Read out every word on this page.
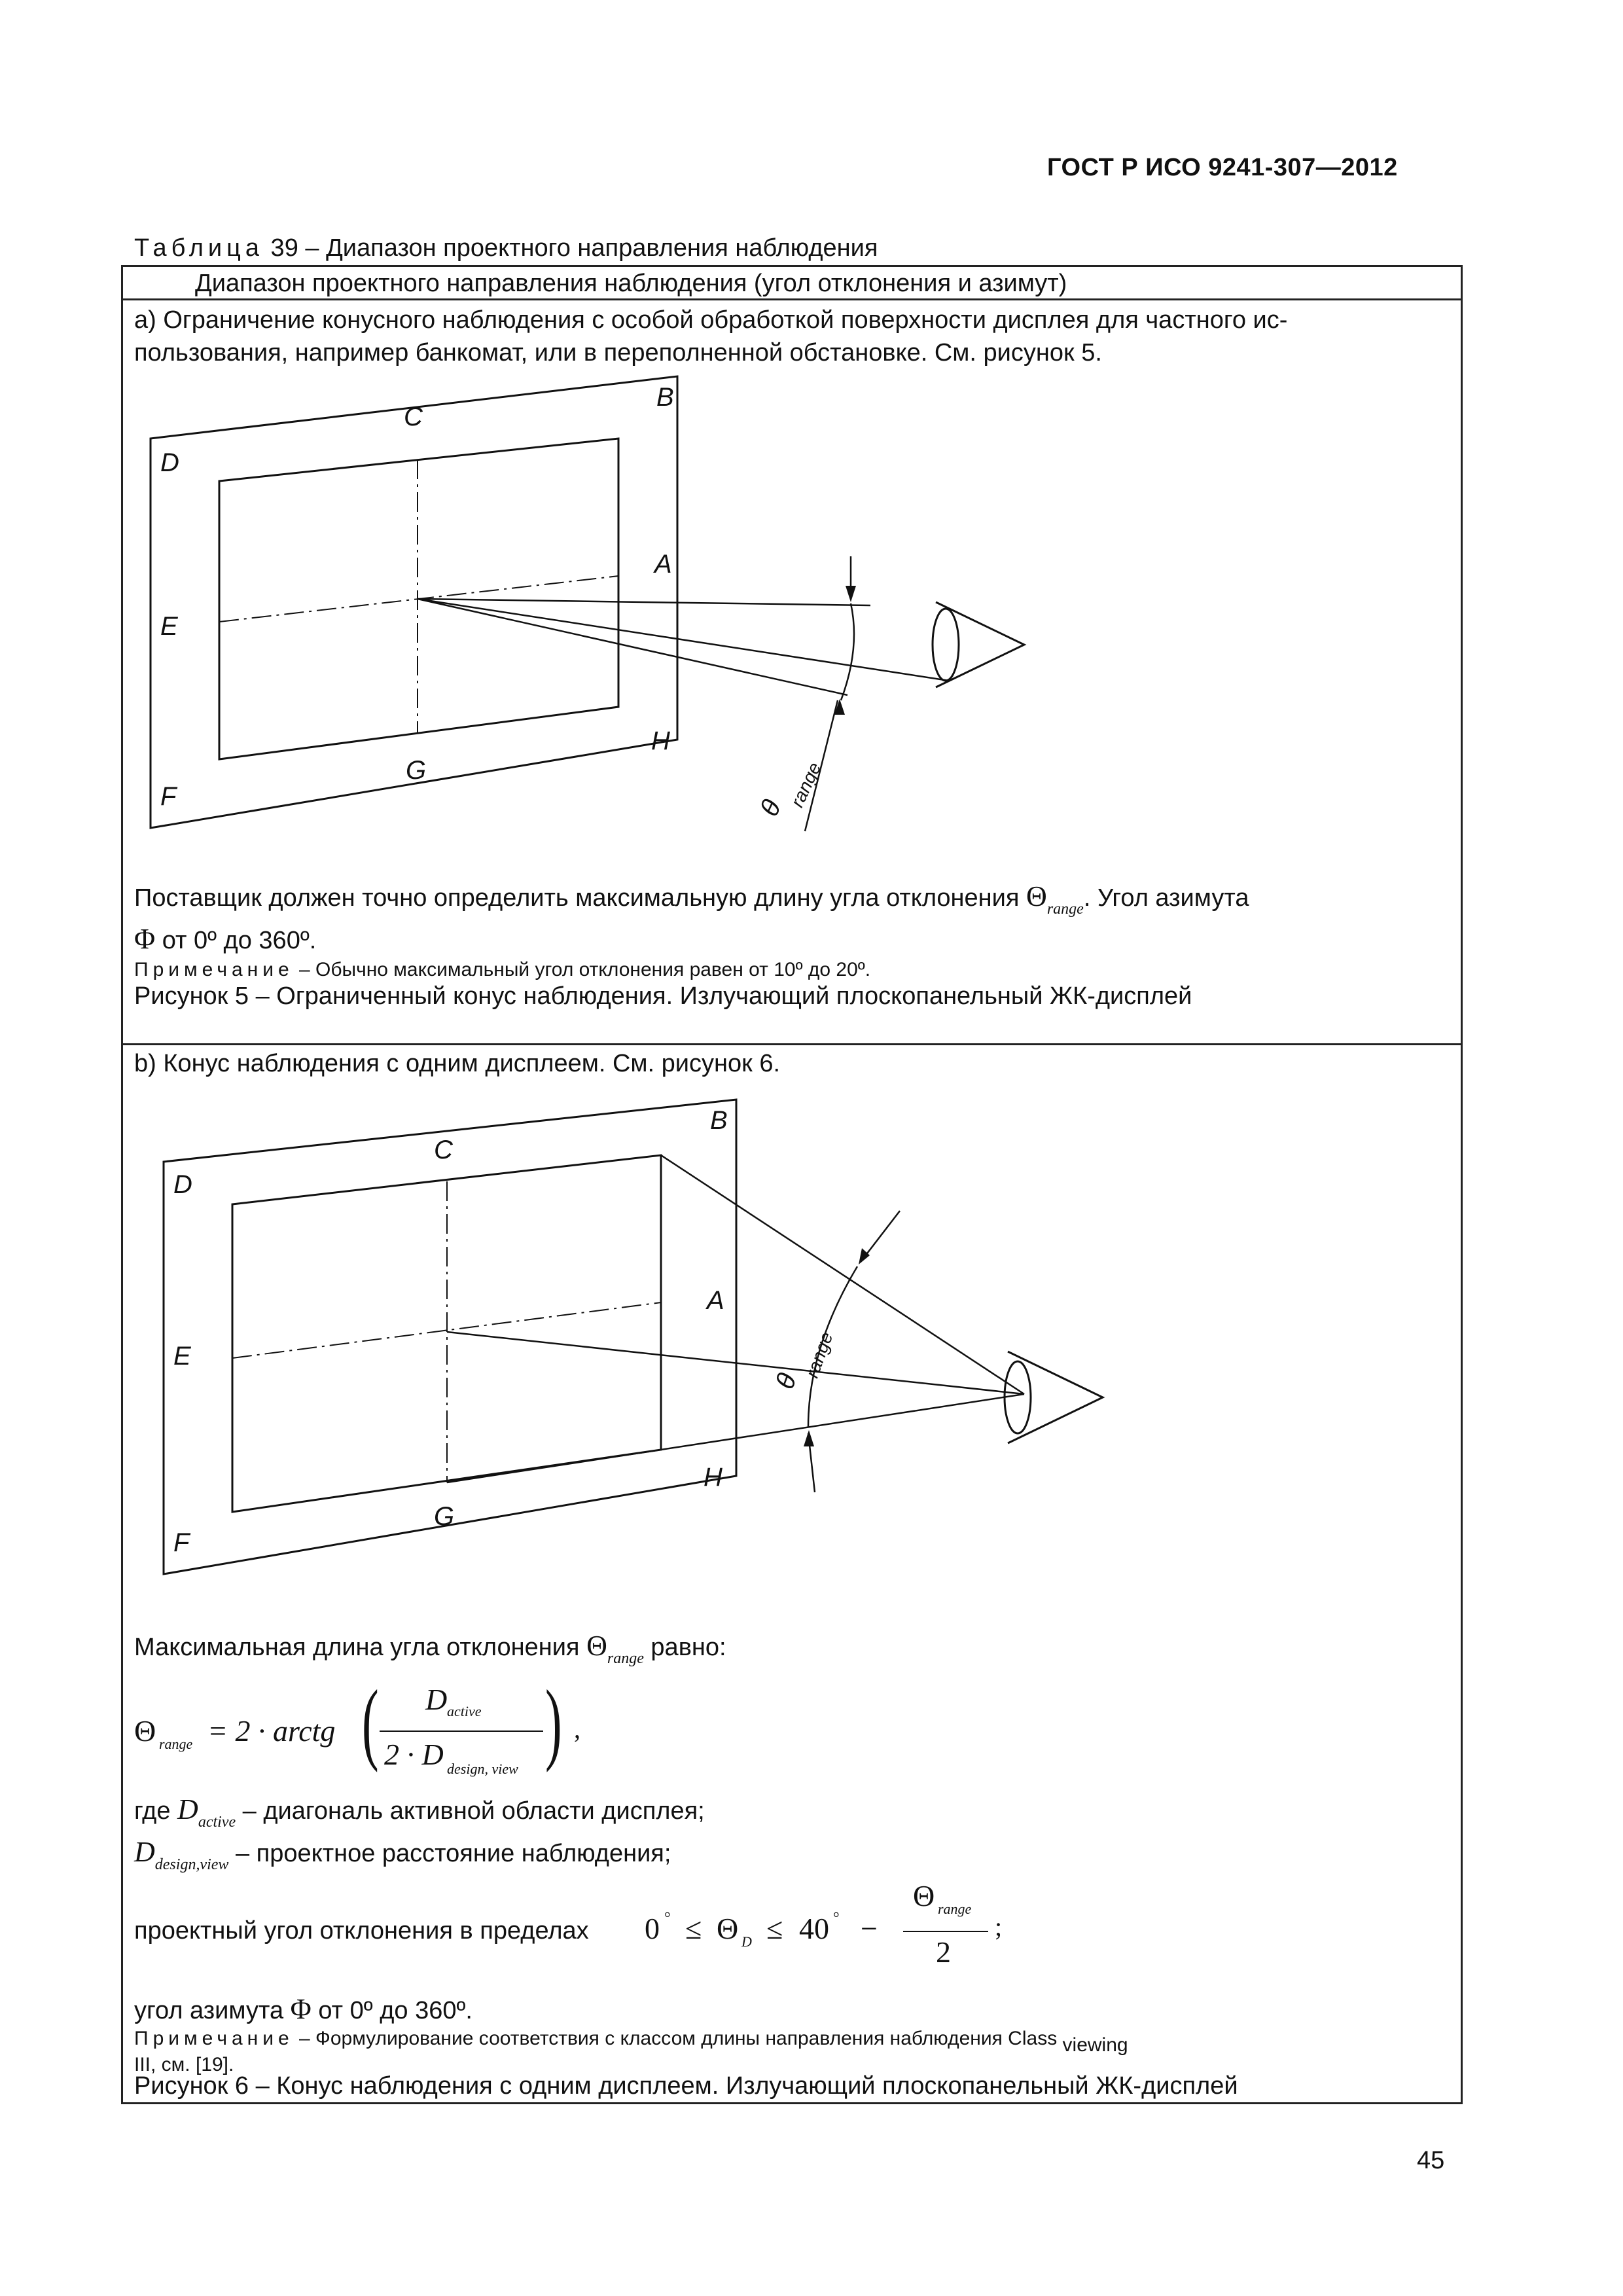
ГОСТ Р ИСО 9241-307—2012
Таблица 39 – Диапазон проектного направления наблюдения
Диапазон проектного направления наблюдения (угол отклонения и азимут)
а) Ограничение конусного наблюдения с особой обработкой поверхности дисплея для частного ис-
пользования, например банкомат, или в переполненной обстановке. См. рисунок 5.
B
C
D
A
E
H
G
F	θ range
Поставщик должен точно определить максимальную длину угла отклонения $\Theta_{range}$. Угол азимута
Φ от 0º до 360º.
Примечание – Обычно максимальный угол отклонения равен от 10º до 20º.
Рисунок 5 – Ограниченный конус наблюдения. Излучающий плоскопанельный ЖК-дисплей
b) Конус наблюдения с одним дисплеем. См. рисунок 6.
B
C
D
A
E
H
G
F
θ
range
Максимальная длина угла отклонения $\Theta_{range}$ равно:
Θ range = 2 · arctg ( D active
2 · D design, view ) ,
где $D_{active}$ – диагональ активной области дисплея;
$D_{design,view}$ – проектное расстояние наблюдения;
проектный угол отклонения в пределах 0 ° ≤ Θ D ≤ 40 ° −
Θ range
2
;
угол азимута Φ от 0º до 360º.
Примечание – Формулирование соответствия с классом длины направления наблюдения Class viewing
III, см. [19].
Рисунок 6 – Конус наблюдения с одним дисплеем. Излучающий плоскопанельный ЖК-дисплей
45
